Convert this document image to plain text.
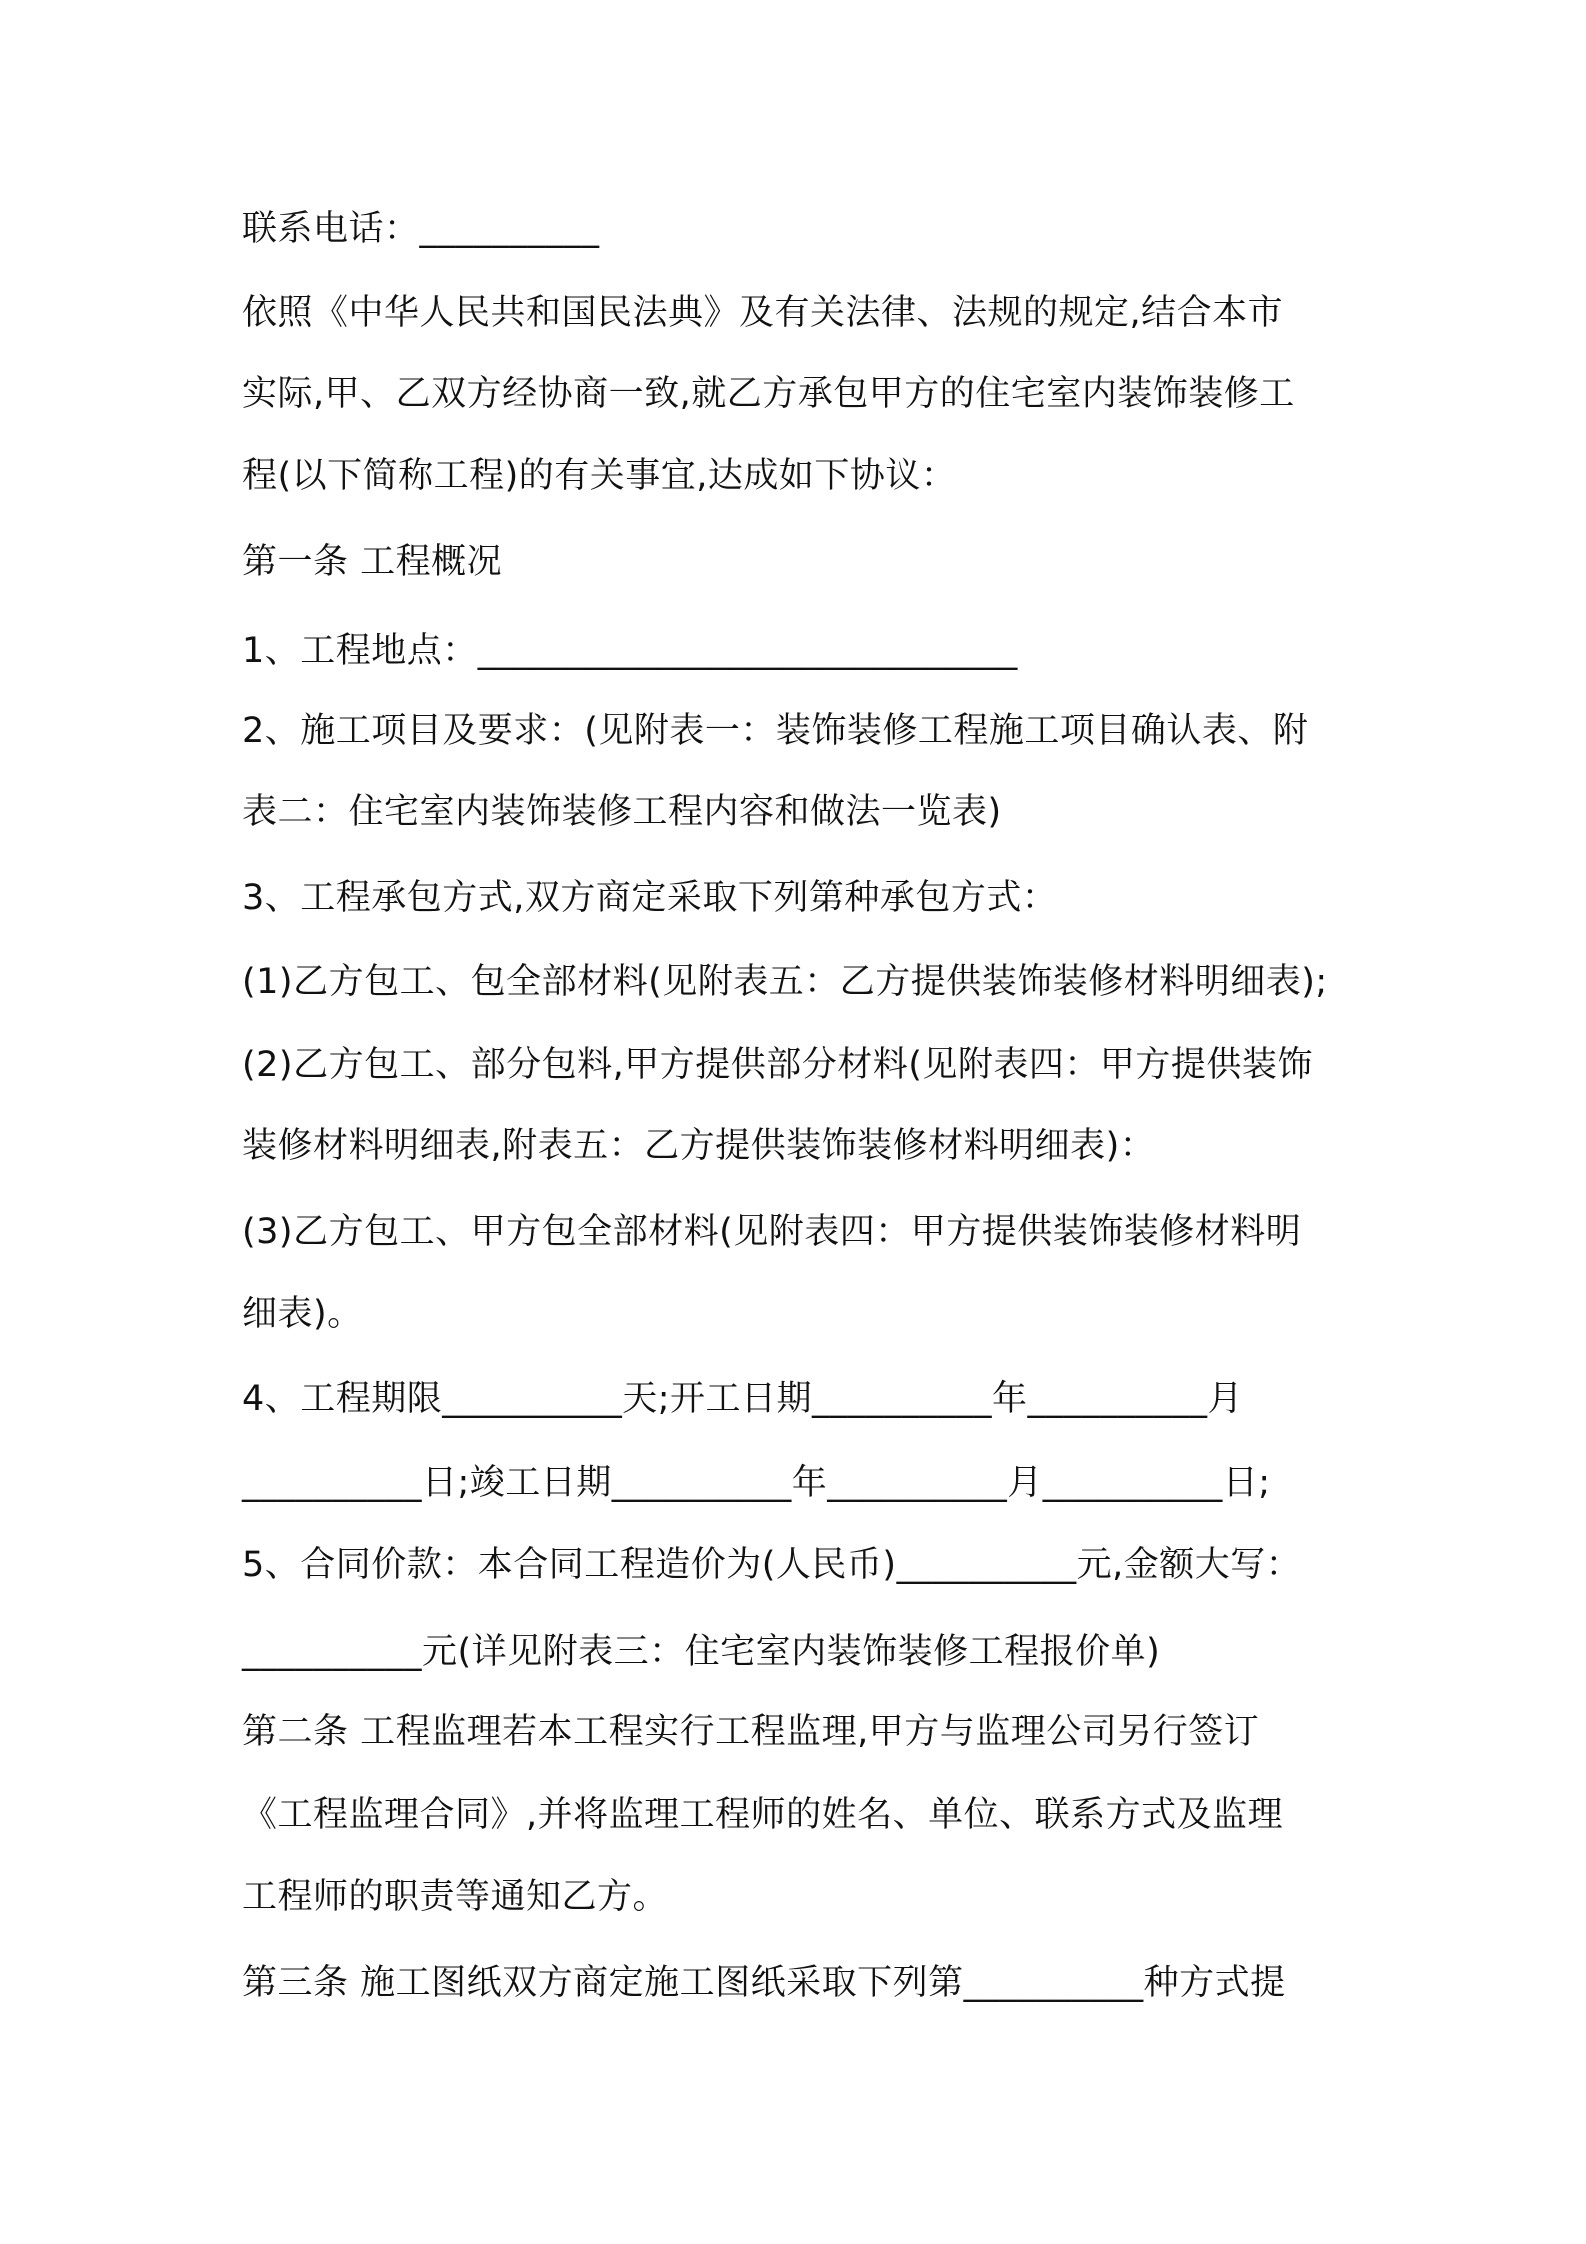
联系电话：__________
依照《中华人民共和国民法典》及有关法律、法规的规定,结合本市
实际,甲、乙双方经协商一致,就乙方承包甲方的住宅室内装饰装修工
程(以下简称工程)的有关事宜,达成如下协议：
第一条 工程概况
1、工程地点：______________________________
2、施工项目及要求：(见附表一：装饰装修工程施工项目确认表、附
表二：住宅室内装饰装修工程内容和做法一览表)
3、工程承包方式,双方商定采取下列第种承包方式：
(1)乙方包工、包全部材料(见附表五：乙方提供装饰装修材料明细表);
(2)乙方包工、部分包料,甲方提供部分材料(见附表四：甲方提供装饰
装修材料明细表,附表五：乙方提供装饰装修材料明细表)：
(3)乙方包工、甲方包全部材料(见附表四：甲方提供装饰装修材料明
细表)。
4、工程期限__________天;开工日期__________年__________月
__________日;竣工日期__________年__________月__________日;
5、合同价款：本合同工程造价为(人民币)__________元,金额大写：
__________元(详见附表三：住宅室内装饰装修工程报价单)
第二条 工程监理若本工程实行工程监理,甲方与监理公司另行签订
《工程监理合同》,并将监理工程师的姓名、单位、联系方式及监理
工程师的职责等通知乙方。
第三条 施工图纸双方商定施工图纸采取下列第__________种方式提
